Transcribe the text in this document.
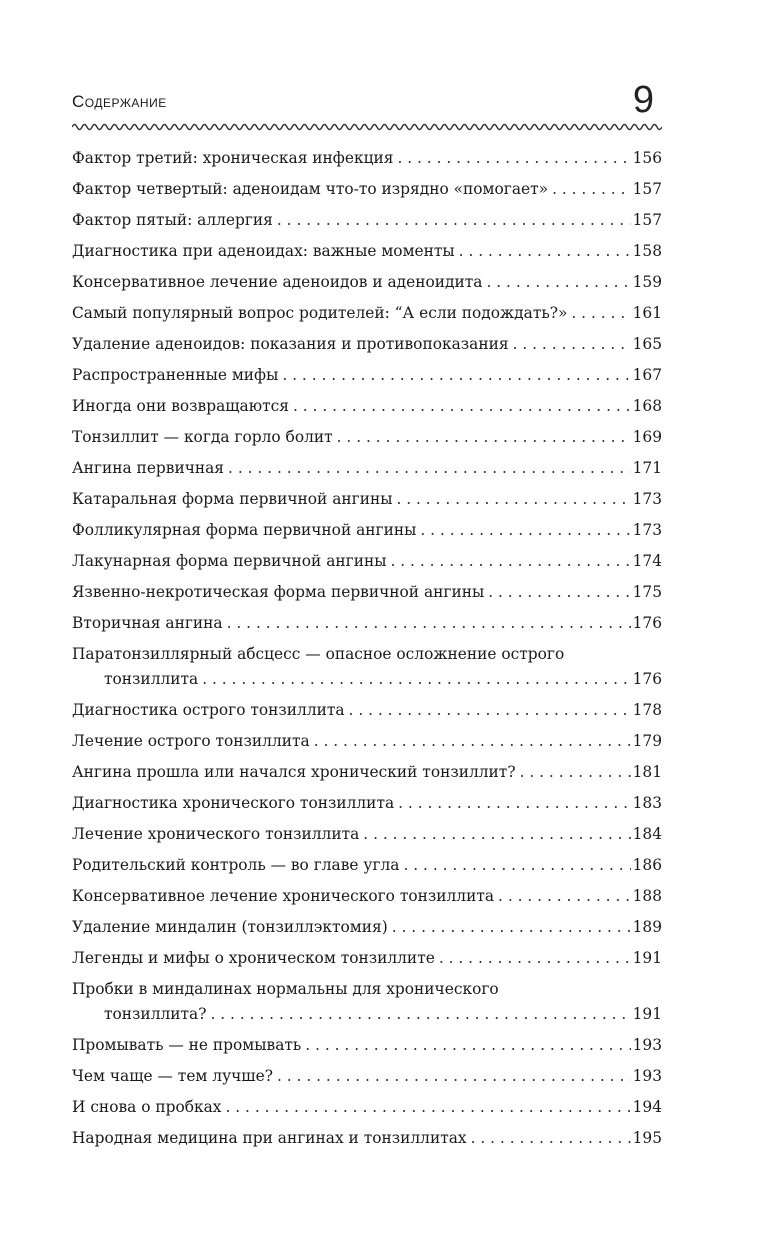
Содержание	9
Фактор третий: хроническая инфекция . . .	156
Фактор четвертый: аденоидам что-то изрядно «помогает» . . .	157
Фактор пятый: аллергия . . .	157
Диагностика при аденоидах: важные моменты . . .	158
Консервативное лечение аденоидов и аденоидита . . .	159
Самый популярный вопрос родителей: “А если подождать?» . . .	161
Удаление аденоидов: показания и противопоказания . . .	165
Распространенные мифы . . .	167
Иногда они возвращаются . . .	168
Тонзиллит — когда горло болит . . .	169
Ангина первичная . . .	171
Катаральная форма первичной ангины . . .	173
Фолликулярная форма первичной ангины . . .	173
Лакунарная форма первичной ангины . . .	174
Язвенно-некротическая форма первичной ангины . . .	175
Вторичная ангина . . .	176
Паратонзиллярный абсцесс — опасное осложнение острого
тонзиллита . . .	176
Диагностика острого тонзиллита . . .	178
Лечение острого тонзиллита . . .	179
Ангина прошла или начался хронический тонзиллит? . . .	181
Диагностика хронического тонзиллита . . .	183
Лечение хронического тонзиллита . . .	184
Родительский контроль — во главе угла . . .	186
Консервативное лечение хронического тонзиллита . . .	188
Удаление миндалин (тонзиллэктомия) . . .	189
Легенды и мифы о хроническом тонзиллите . . .	191
Пробки в миндалинах нормальны для хронического
тонзиллита? . . .	191
Промывать — не промывать . . .	193
Чем чаще — тем лучше? . . .	193
И снова о пробках . . .	194
Народная медицина при ангинах и тонзиллитах . . .	195
